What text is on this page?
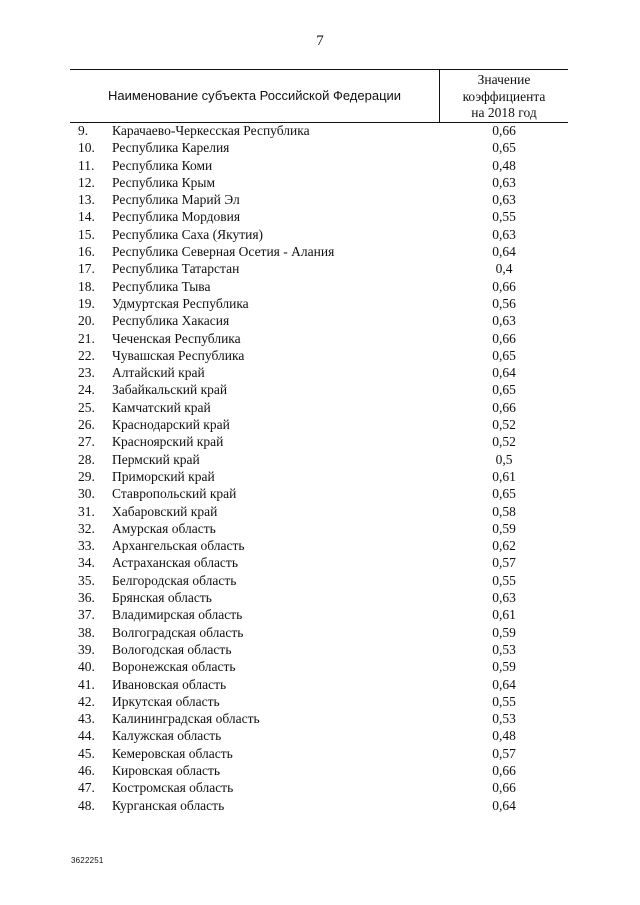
7
Наименование субъекта Российской Федерации
Значение
коэффициента
на 2018 год
9. Карачаево-Черкесская Республика	0,66
10. Республика Карелия	0,65
11. Республика Коми	0,48
12. Республика Крым	0,63
13. Республика Марий Эл	0,63
14. Республика Мордовия	0,55
15. Республика Саха (Якутия)	0,63
16. Республика Северная Осетия - Алания	0,64
17. Республика Татарстан	0,4
18. Республика Тыва	0,66
19. Удмуртская Республика	0,56
20. Республика Хакасия	0,63
21. Чеченская Республика	0,66
22. Чувашская Республика	0,65
23. Алтайский край	0,64
24. Забайкальский край	0,65
25. Камчатский край	0,66
26. Краснодарский край	0,52
27. Красноярский край	0,52
28. Пермский край	0,5
29. Приморский край	0,61
30. Ставропольский край	0,65
31. Хабаровский край	0,58
32. Амурская область	0,59
33. Архангельская область	0,62
34. Астраханская область	0,57
35. Белгородская область	0,55
36. Брянская область	0,63
37. Владимирская область	0,61
38. Волгоградская область	0,59
39. Вологодская область	0,53
40. Воронежская область	0,59
41. Ивановская область	0,64
42. Иркутская область	0,55
43. Калининградская область	0,53
44. Калужская область	0,48
45. Кемеровская область	0,57
46. Кировская область	0,66
47. Костромская область	0,66
48. Курганская область	0,64
3622251
